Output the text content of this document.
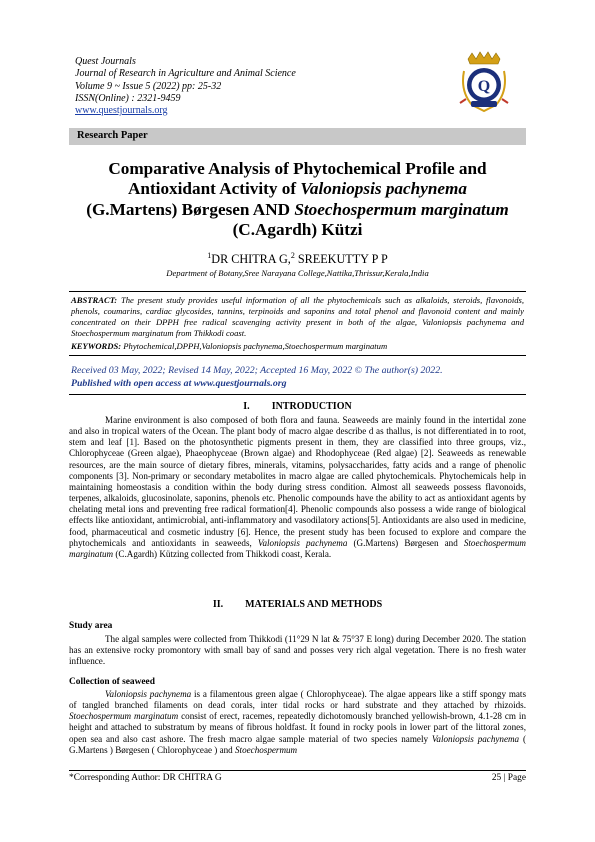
Quest Journals
Journal of Research in Agriculture and Animal Science
Volume 9 ~ Issue 5 (2022) pp: 25-32
ISSN(Online) : 2321-9459
www.questjournals.org
Q
Research Paper
Comparative Analysis of Phytochemical Profile and
Antioxidant Activity of Valoniopsis pachynema
(G.Martens) Børgesen AND Stoechospermum marginatum
(C.Agardh) Kützi
$^1$DR CHITRA G,$^2$ SREEKUTTY P P
Department of Botany,Sree Narayana College,Nattika,Thrissur,Kerala,India
ABSTRACT: The present study provides useful information of all the phytochemicals such as alkaloids, steroids, flavonoids, phenols, coumarins, cardiac glycosides, tannins, terpinoids and saponins and total phenol and flavonoid content and mainly concentrated on their DPPH free radical scavenging activity present in both of the algae, Valoniopsis pachynema and Stoechospermum marginatum from Thikkodi coast.
KEYWORDS: Phytochemical,DPPH,Valoniopsis pachynema,Stoechospermum marginatum
Received 03 May, 2022; Revised 14 May, 2022; Accepted 16 May, 2022 © The author(s) 2022.
Published with open access at www.questjournals.org
I. INTRODUCTION
Marine environment is also composed of both flora and fauna. Seaweeds are mainly found in the intertidal zone and also in tropical waters of the Ocean. The plant body of macro algae describe d as thallus, is not differentiated in to root, stem and leaf [1]. Based on the photosynthetic pigments present in them, they are classified into three groups, viz., Chlorophyceae (Green algae), Phaeophyceae (Brown algae) and Rhodophyceae (Red algae) [2]. Seaweeds as renewable resources, are the main source of dietary fibres, minerals, vitamins, polysaccharides, fatty acids and a range of phenolic components [3]. Non-primary or secondary metabolites in macro algae are called phytochemicals. Phytochemicals help in maintaining homeostasis a condition within the body during stress condition. Almost all seaweeds possess flavonoids, terpenes, alkaloids, glucosinolate, saponins, phenols etc. Phenolic compounds have the ability to act as antioxidant agents by chelating metal ions and preventing free radical formation[4]. Phenolic compounds also possess a wide range of biological effects like antioxidant, antimicrobial, anti-inflammatory and vasodilatory actions[5]. Antioxidants are also used in medicine, food, pharmaceutical and cosmetic industry [6]. Hence, the present study has been focused to explore and compare the phytochemicals and antioxidants in seaweeds, Valoniopsis pachynema (G.Martens) Børgesen and Stoechospermum marginatum (C.Agardh) Kützing collected from Thikkodi coast, Kerala.
II. MATERIALS AND METHODS
Study area
The algal samples were collected from Thikkodi (11°29 N lat & 75°37 E long) during December 2020. The station has an extensive rocky promontory with small bay of sand and posses very rich algal vegetation. There is no fresh water influence.
Collection of seaweed
Valoniopsis pachynema is a filamentous green algae ( Chlorophyceae). The algae appears like a stiff spongy mats of tangled branched filaments on dead corals, inter tidal rocks or hard substrate and they attached by rhizoids. Stoechospermum marginatum consist of erect, racemes, repeatedly dichotomously branched yellowish-brown, 4.1-28 cm in height and attached to substratum by means of fibrous holdfast. It found in rocky pools in lower part of the littoral zones, open sea and also cast ashore. The fresh macro algae sample material of two species namely Valoniopsis pachynema ( G.Martens ) Børgesen ( Chlorophyceae ) and Stoechospermum
*Corresponding Author: DR CHITRA G	25 | Page
